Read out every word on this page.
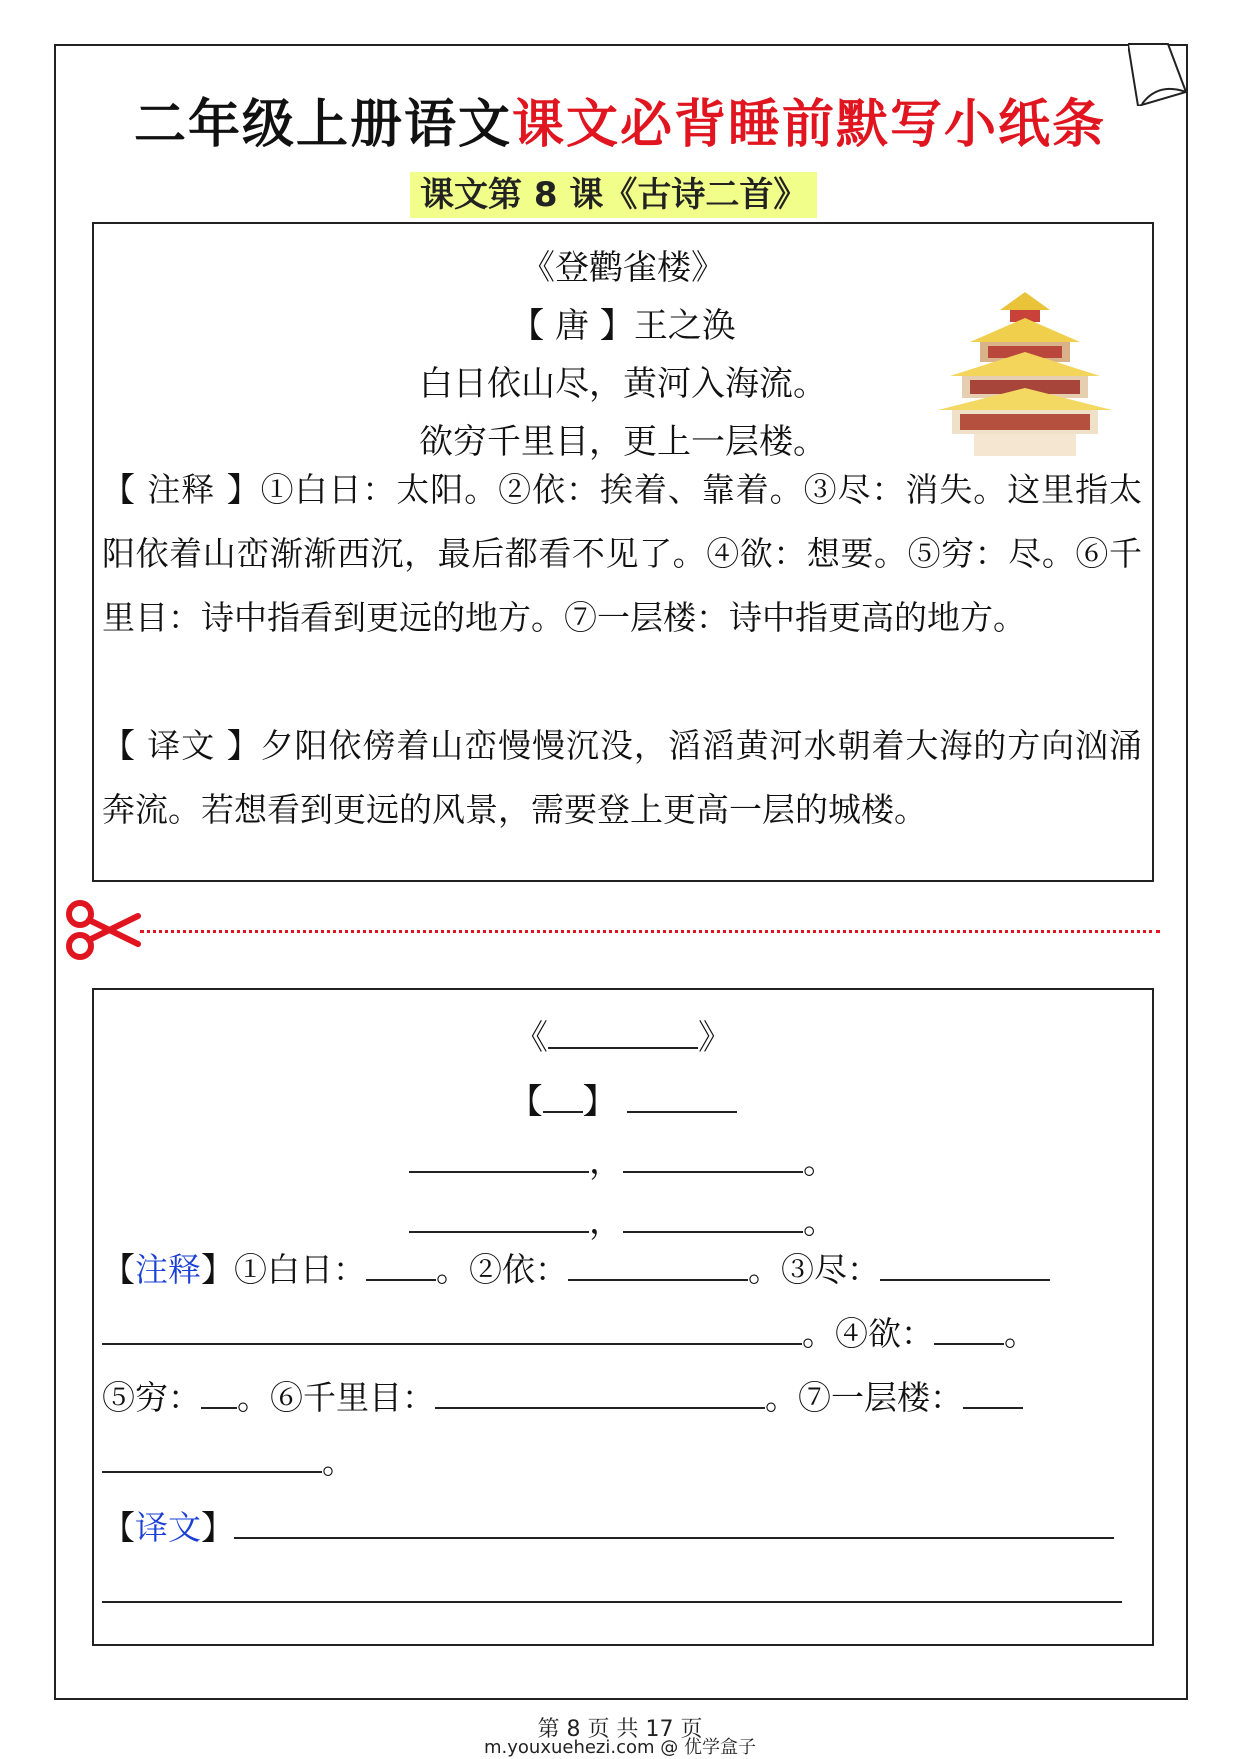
二年级上册语文课文必背睡前默写小纸条
课文第 8 课《古诗二首》
《登鹳雀楼》
【 唐 】王之涣
白日依山尽，黄河入海流。
欲穷千里目，更上一层楼。
【 注释 】①白日：太阳。②依：挨着、靠着。③尽：消失。这里指太阳依着山峦渐渐西沉，最后都看不见了。④欲：想要。⑤穷：尽。⑥千里目：诗中指看到更远的地方。⑦一层楼：诗中指更高的地方。
【 译文 】夕阳依傍着山峦慢慢沉没，滔滔黄河水朝着大海的方向汹涌奔流。若想看到更远的风景，需要登上更高一层的城楼。
《	》
【 】
，	。
，	。
【注释】①白日： 。②依：	。③尽：
。④欲： 。
⑤穷： 。⑥千里目：	。⑦一层楼：
。
【译文】

第 8 页 共 17 页
m.youxuehezi.com @ 优学盒子
